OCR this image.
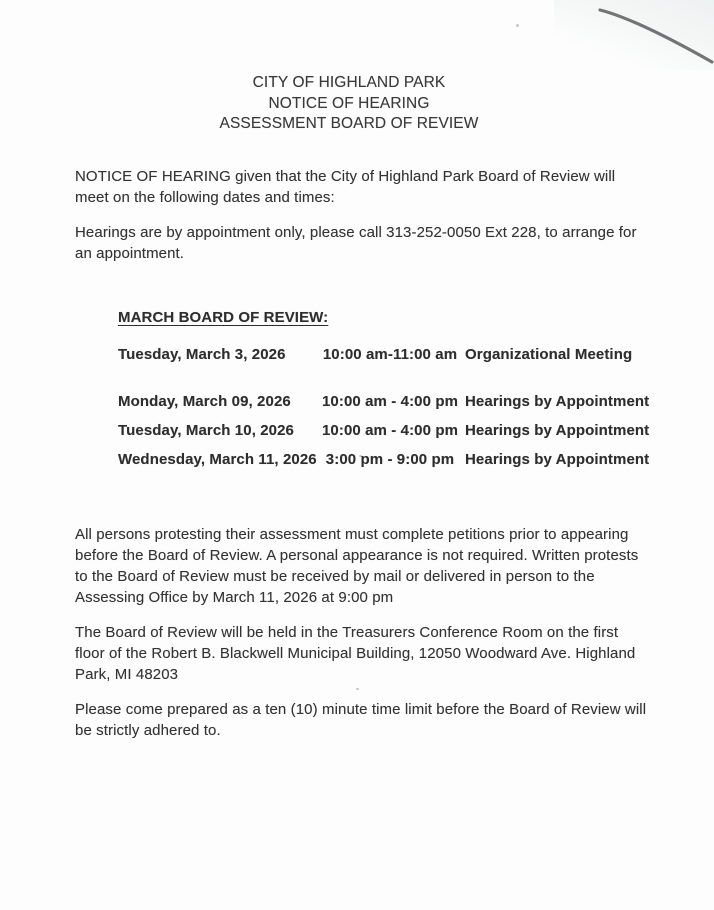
CITY OF HIGHLAND PARK
NOTICE OF HEARING
ASSESSMENT BOARD OF REVIEW

NOTICE OF HEARING given that the City of Highland Park Board of Review will meet on the following dates and times:

Hearings are by appointment only, please call 313-252-0050 Ext 228, to arrange for an appointment.

MARCH BOARD OF REVIEW:
Tuesday, March 3, 2026	10:00 am-11:00 am Organizational Meeting
Monday, March 09, 2026	10:00 am - 4:00 pm Hearings by Appointment
Tuesday, March 10, 2026	10:00 am - 4:00 pm Hearings by Appointment
Wednesday, March 11, 2026 3:00 pm - 9:00 pm Hearings by Appointment

All persons protesting their assessment must complete petitions prior to appearing before the Board of Review. A personal appearance is not required. Written protests to the Board of Review must be received by mail or delivered in person to the Assessing Office by March 11, 2026 at 9:00 pm

The Board of Review will be held in the Treasurers Conference Room on the first floor of the Robert B. Blackwell Municipal Building, 12050 Woodward Ave. Highland Park, MI 48203

Please come prepared as a ten (10) minute time limit before the Board of Review will be strictly adhered to.
